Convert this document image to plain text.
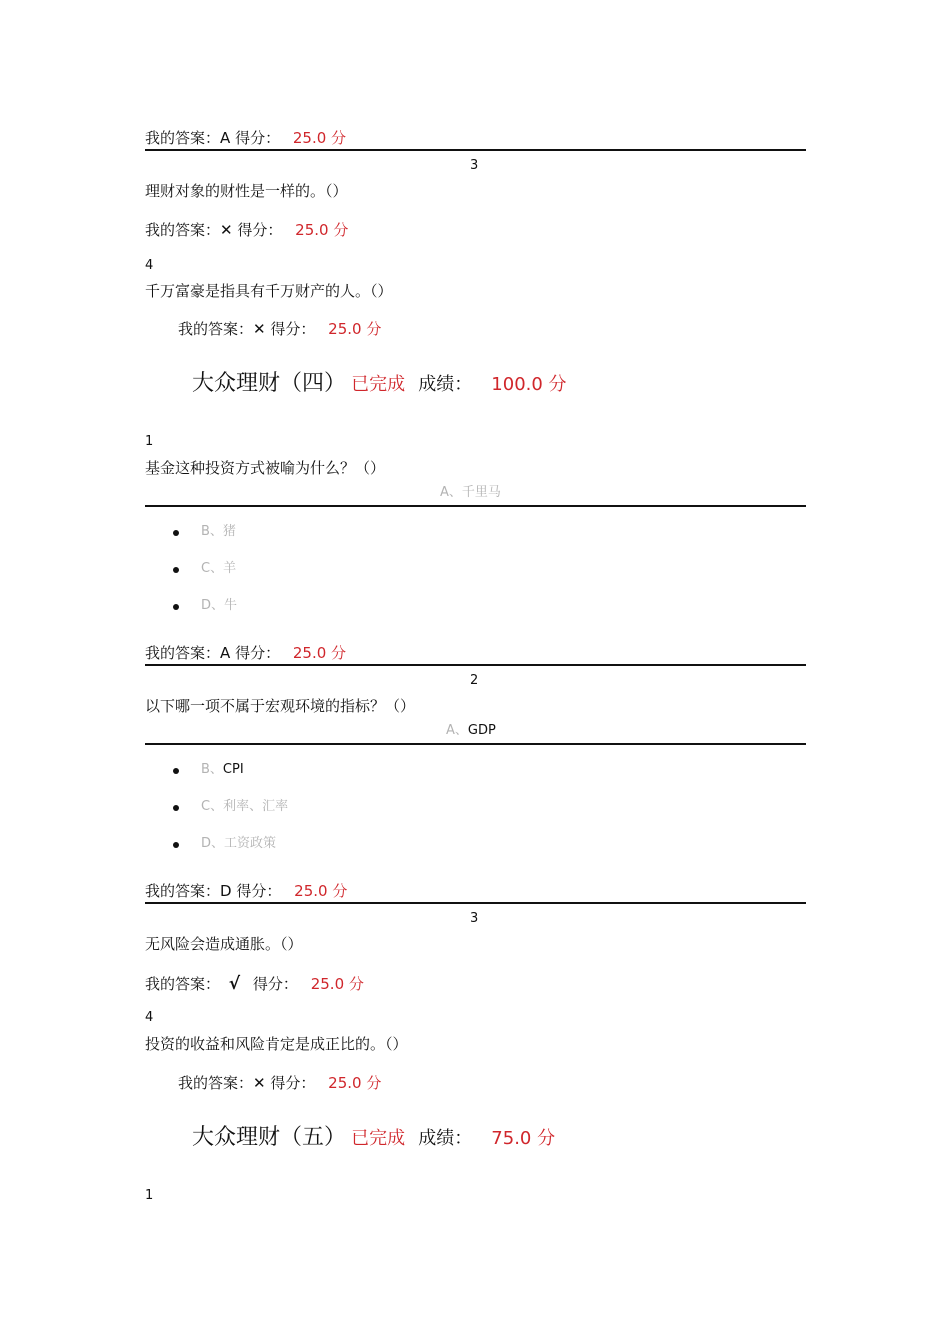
我的答案：A 得分： 25.0 分
3
理财对象的财性是一样的。（）
我的答案：✕ 得分： 25.0 分
4
千万富豪是指具有千万财产的人。（）
我的答案：✕ 得分： 25.0 分
大众理财（四） 已完成 成绩： 100.0 分
1
基金这种投资方式被喻为什么？（）
A、千里马
B、猪
C、羊
D、牛
我的答案：A 得分： 25.0 分
2
以下哪一项不属于宏观环境的指标？（）
A、GDP
B、CPI
C、利率、汇率
D、工资政策
我的答案：D 得分： 25.0 分
3
无风险会造成通胀。（）
我的答案： √ 得分： 25.0 分
4
投资的收益和风险肯定是成正比的。（）
我的答案：✕ 得分： 25.0 分
大众理财（五） 已完成 成绩： 75.0 分
1
